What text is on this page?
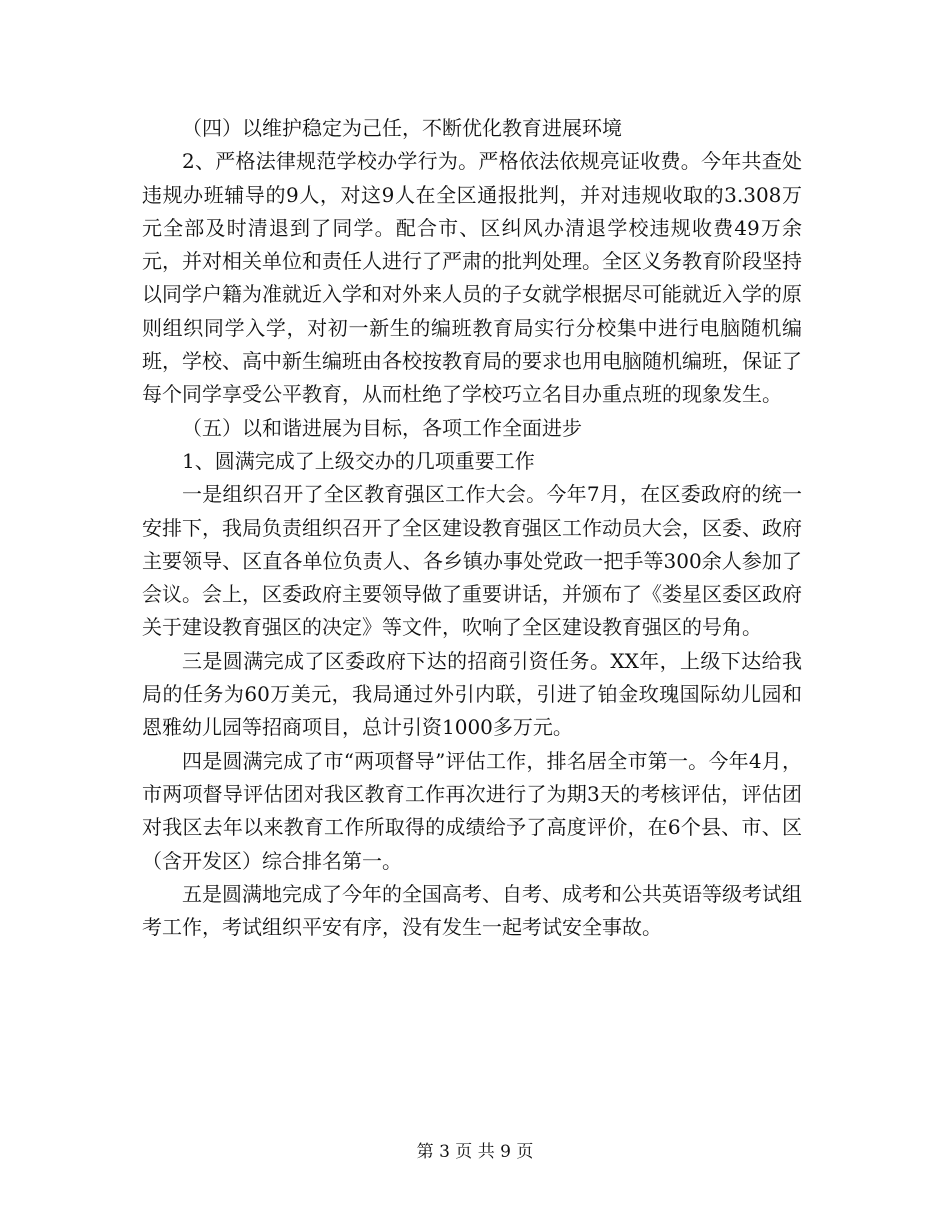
（四）以维护稳定为己任，不断优化教育进展环境

2、严格法律规范学校办学行为。严格依法依规亮证收费。今年共查处违规办班辅导的9人，对这9人在全区通报批判，并对违规收取的3.308万元全部及时清退到了同学。配合市、区纠风办清退学校违规收费49万余元，并对相关单位和责任人进行了严肃的批判处理。全区义务教育阶段坚持以同学户籍为准就近入学和对外来人员的子女就学根据尽可能就近入学的原则组织同学入学，对初一新生的编班教育局实行分校集中进行电脑随机编班，学校、高中新生编班由各校按教育局的要求也用电脑随机编班，保证了每个同学享受公平教育，从而杜绝了学校巧立名目办重点班的现象发生。

（五）以和谐进展为目标，各项工作全面进步

1、圆满完成了上级交办的几项重要工作

一是组织召开了全区教育强区工作大会。今年7月，在区委政府的统一安排下，我局负责组织召开了全区建设教育强区工作动员大会，区委、政府主要领导、区直各单位负责人、各乡镇办事处党政一把手等300余人参加了会议。会上，区委政府主要领导做了重要讲话，并颁布了《娄星区委区政府关于建设教育强区的决定》等文件，吹响了全区建设教育强区的号角。

三是圆满完成了区委政府下达的招商引资任务。XX年，上级下达给我局的任务为60万美元，我局通过外引内联，引进了铂金玫瑰国际幼儿园和恩雅幼儿园等招商项目，总计引资1000多万元。

四是圆满完成了市“两项督导”评估工作，排名居全市第一。今年4月，市两项督导评估团对我区教育工作再次进行了为期3天的考核评估，评估团对我区去年以来教育工作所取得的成绩给予了高度评价，在6个县、市、区（含开发区）综合排名第一。

五是圆满地完成了今年的全国高考、自考、成考和公共英语等级考试组考工作，考试组织平安有序，没有发生一起考试安全事故。

第 3 页 共 9 页
